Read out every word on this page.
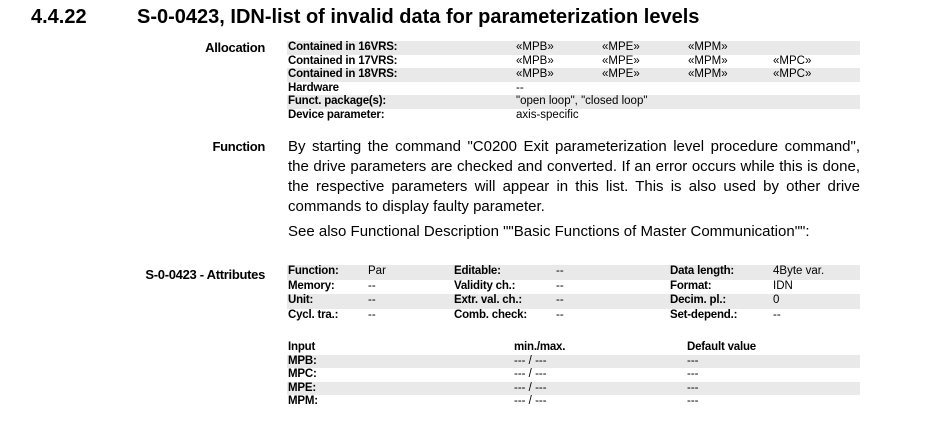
4.4.22	S-0-0423, IDN-list of invalid data for parameterization levels
Allocation Contained in 16VRS:	«MPB»	«MPE»	«MPM»
Contained in 17VRS:	«MPB»	«MPE»	«MPM»	«MPC»
Contained in 18VRS:	«MPB»	«MPE»	«MPM»	«MPC»
Hardware	--
Funct. package(s):	"open loop", "closed loop"
Device parameter:	axis-specific
Function By starting the command "C0200 Exit parameterization level procedure command", the drive parameters are checked and converted. If an error occurs while this is done, the respective parameters will appear in this list. This is also used by other drive commands to display faulty parameter.
See also Functional Description ""Basic Functions of Master Communication"":
S-0-0423 - Attributes Function:	Par	Editable:	--	Data length:	4Byte var.
Memory:	--	Validity ch.:	--	Format:	IDN
Unit:	--	Extr. val. ch.:	--	Decim. pl.:	0
Cycl. tra.:	--	Comb. check:	--	Set-depend.:	--
Input	min./max.	Default value
MPB:	--- / ---	---
MPC:	--- / ---	---
MPE:	--- / ---	---
MPM:	--- / ---	---
